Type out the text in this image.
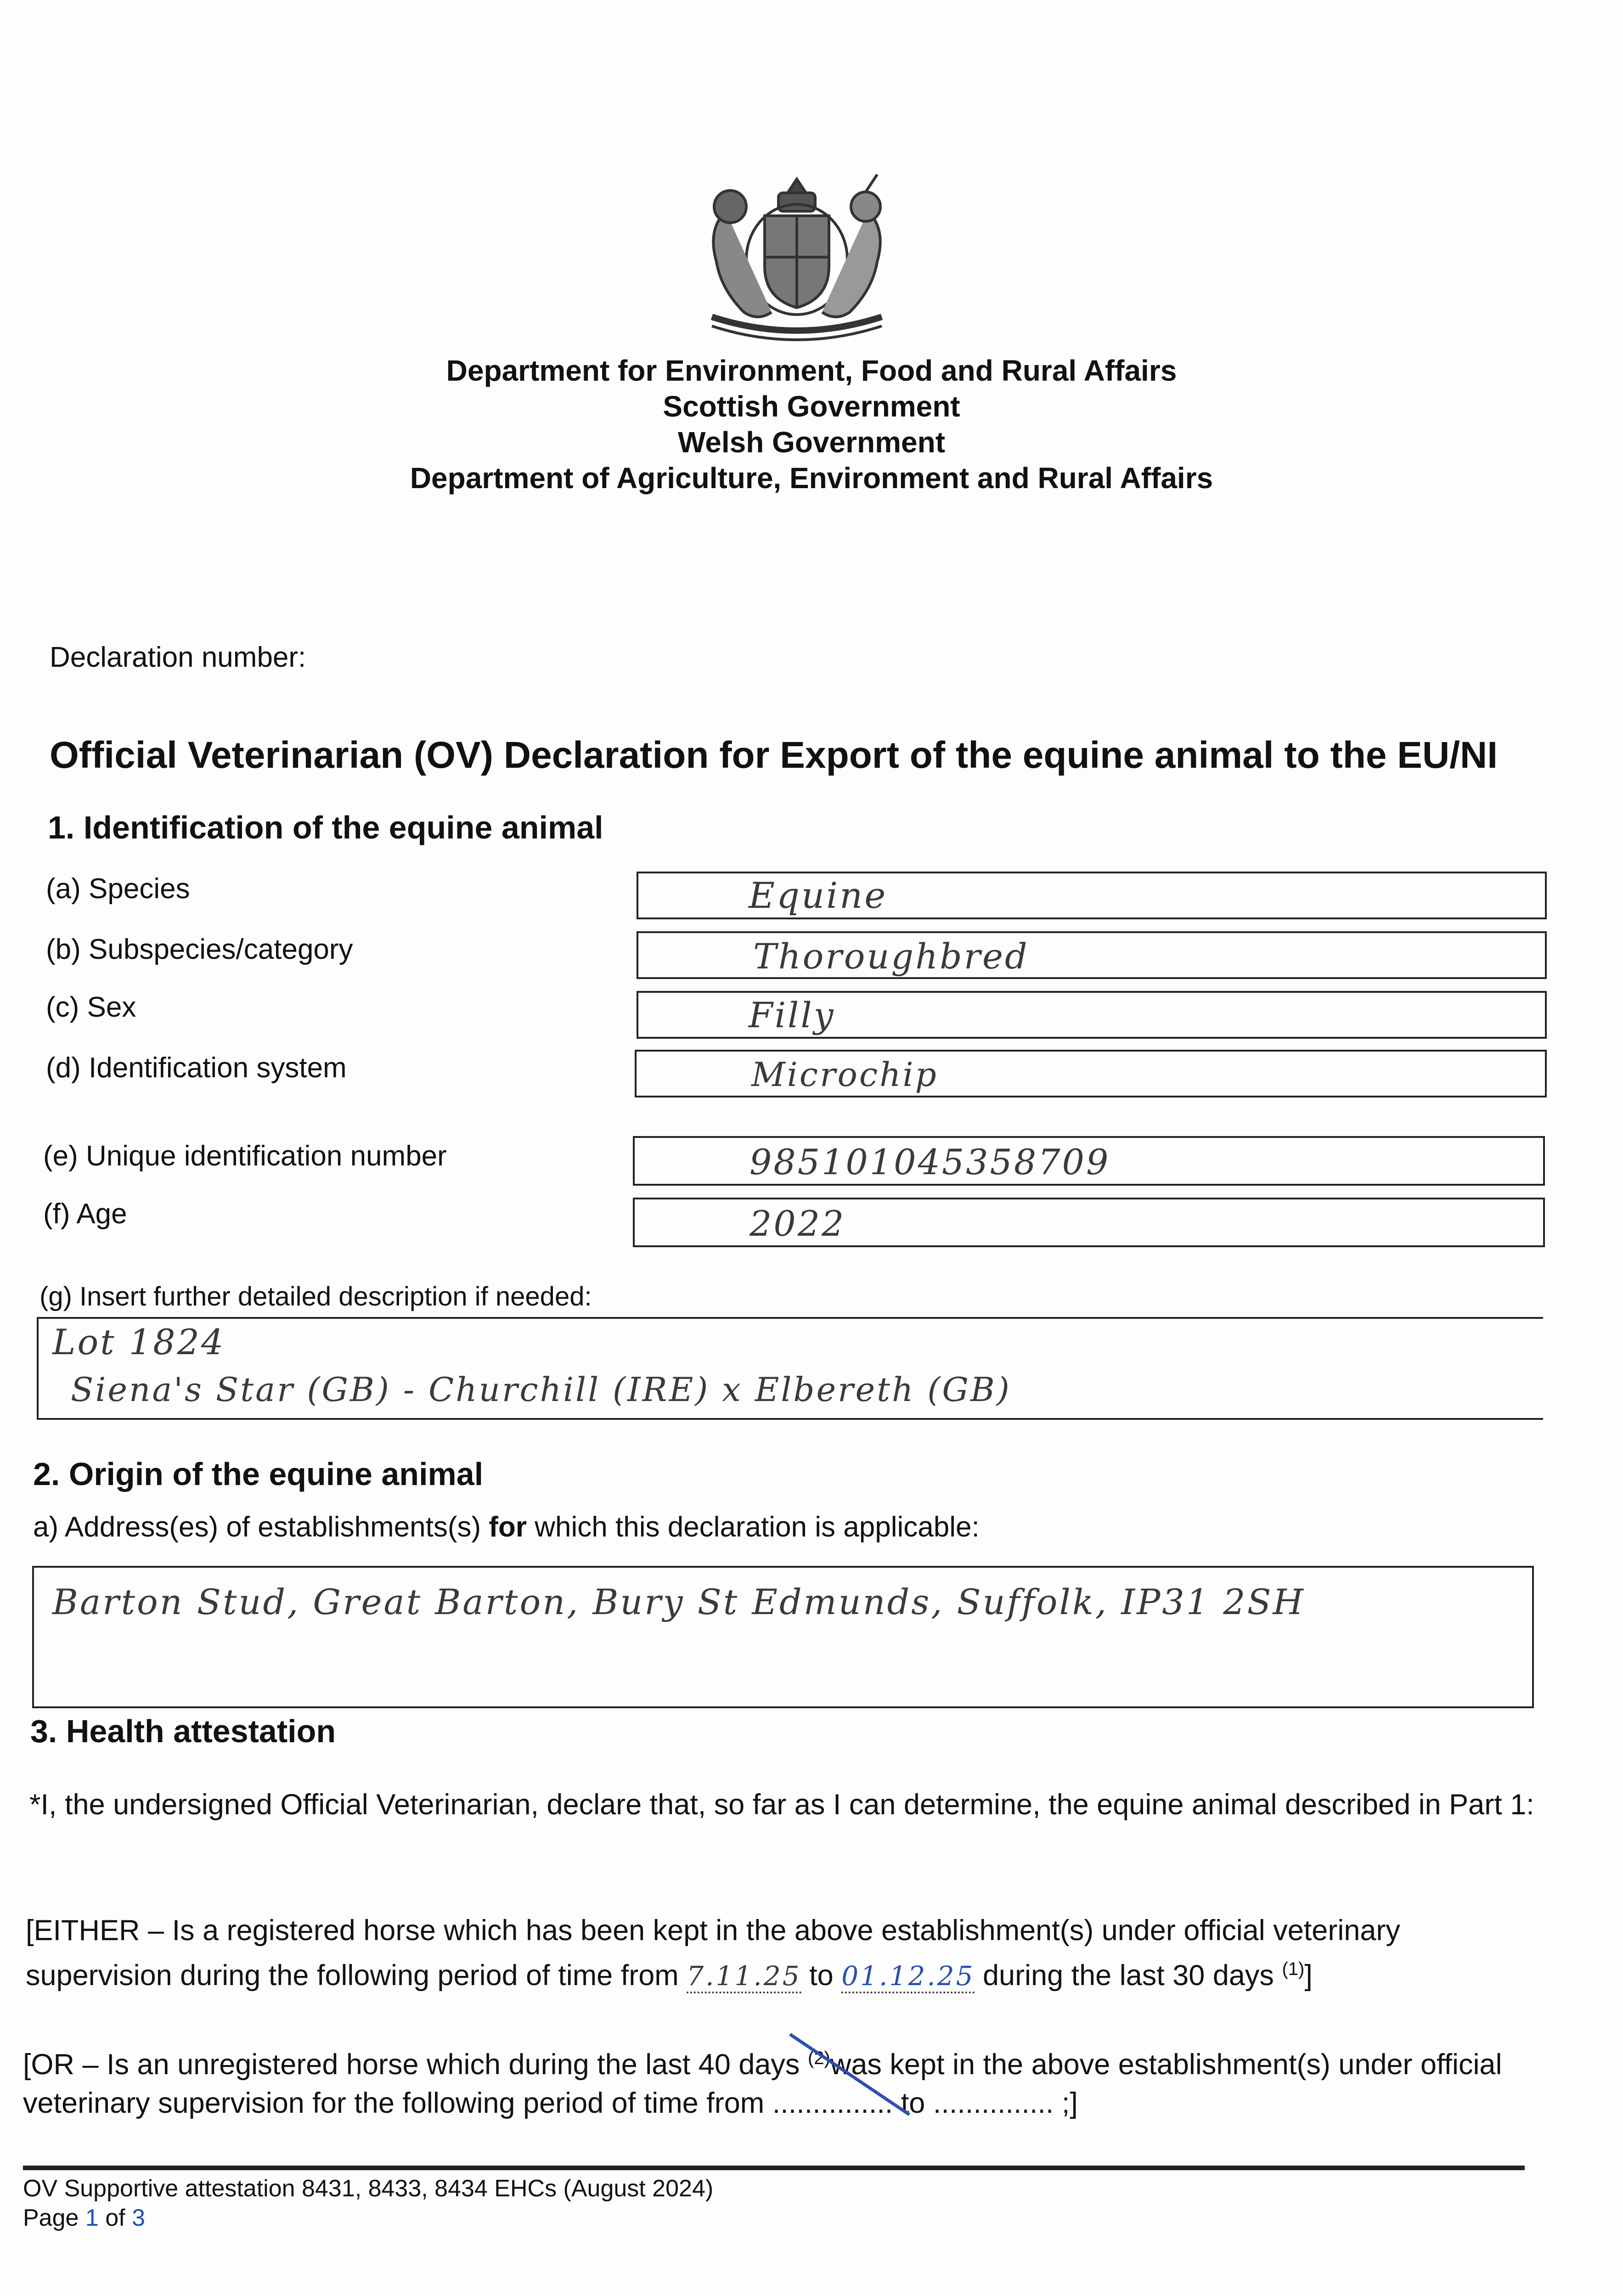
Department for Environment, Food and Rural Affairs
Scottish Government
Welsh Government
Department of Agriculture, Environment and Rural Affairs
Declaration number:
Official Veterinarian (OV) Declaration for Export of the equine animal to the EU/NI
1. Identification of the equine animal
(a) Species	Equine
(b) Subspecies/category	Thoroughbred
(c) Sex	Filly
(d) Identification system	Microchip
(e) Unique identification number	985101045358709
(f) Age	2022
(g) Insert further detailed description if needed:
Lot 1824
Siena's Star (GB) - Churchill (IRE) x Elbereth (GB)
2. Origin of the equine animal
a) Address(es) of establishments(s) for which this declaration is applicable:
Barton Stud, Great Barton, Bury St Edmunds, Suffolk, IP31 2SH
3. Health attestation
*I, the undersigned Official Veterinarian, declare that, so far as I can determine, the equine animal described in Part 1:
[EITHER – Is a registered horse which has been kept in the above establishment(s) under official veterinary
supervision during the following period of time from 7.11.25 to 01.12.25 during the last 30 days $^{(1)}$]
[OR – Is an unregistered horse which during the last 40 days $^{(2)}$was kept in the above establishment(s) under official
veterinary supervision for the following period of time from ............... to ............... ;]
OV Supportive attestation 8431, 8433, 8434 EHCs (August 2024)
Page 1 of 3
